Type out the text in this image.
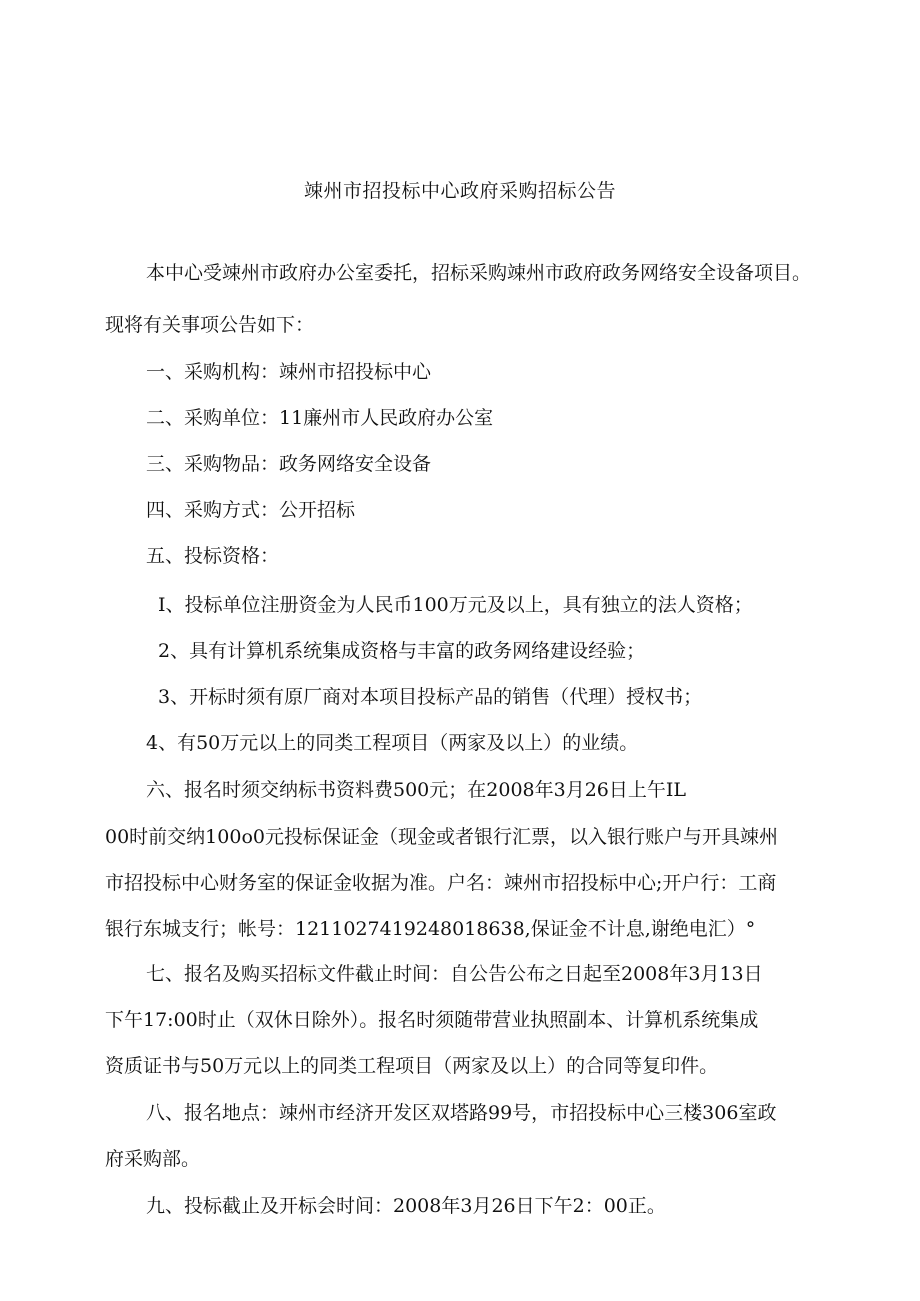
竦州市招投标中心政府采购招标公告
本中心受竦州市政府办公室委托，招标采购竦州市政府政务网络安全设备项目。
现将有关事项公告如下：
一、采购机构：竦州市招投标中心
二、采购单位：11廉州市人民政府办公室
三、采购物品：政务网络安全设备
四、采购方式：公开招标
五、投标资格：
I、投标单位注册资金为人民币100万元及以上，具有独立的法人资格；
2、具有计算机系统集成资格与丰富的政务网络建设经验；
3、开标时须有原厂商对本项目投标产品的销售（代理）授权书；
4、有50万元以上的同类工程项目（两家及以上）的业绩。
六、报名时须交纳标书资料费500元；在2008年3月26日上午IL
00时前交纳100o0元投标保证金（现金或者银行汇票，以入银行账户与开具竦州
市招投标中心财务室的保证金收据为准。户名：竦州市招投标中心;开户行：工商
银行东城支行；帐号：1211027419248018638,保证金不计息,谢绝电汇）°
七、报名及购买招标文件截止时间：自公告公布之日起至2008年3月13日
下午17:00时止（双休日除外）。报名时须随带营业执照副本、计算机系统集成
资质证书与50万元以上的同类工程项目（两家及以上）的合同等复印件。
八、报名地点：竦州市经济开发区双塔路99号，市招投标中心三楼306室政
府采购部。
九、投标截止及开标会时间：2008年3月26日下午2：00正。
